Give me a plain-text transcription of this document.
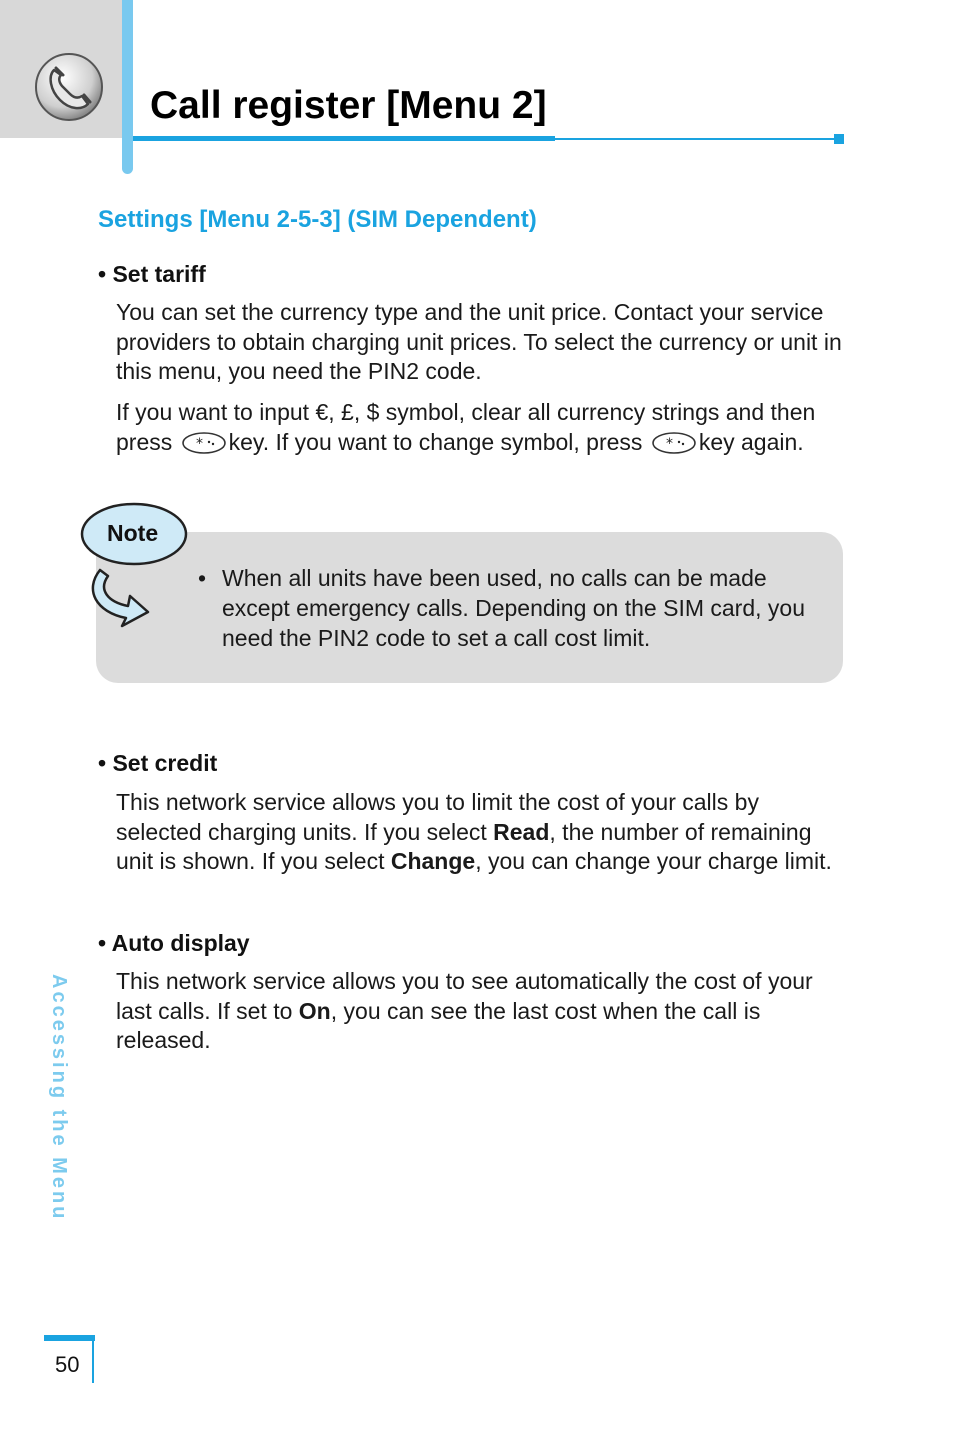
Call register [Menu 2]
Settings [Menu 2-5-3] (SIM Dependent)

• Set tariff

You can set the currency type and the unit price. Contact your service providers to obtain charging unit prices. To select the currency or unit in this menu, you need the PIN2 code.

If you want to input €, £, $ symbol, clear all currency strings and then press * key. If you want to change symbol, press * key again.

Note
• When all units have been used, no calls can be made except emergency calls. Depending on the SIM card, you need the PIN2 code to set a call cost limit.

• Set credit

This network service allows you to limit the cost of your calls by selected charging units. If you select Read, the number of remaining unit is shown. If you select Change, you can change your charge limit.

• Auto display

This network service allows you to see automatically the cost of your last calls. If set to On, you can see the last cost when the call is released.

Accessing the Menu
50
